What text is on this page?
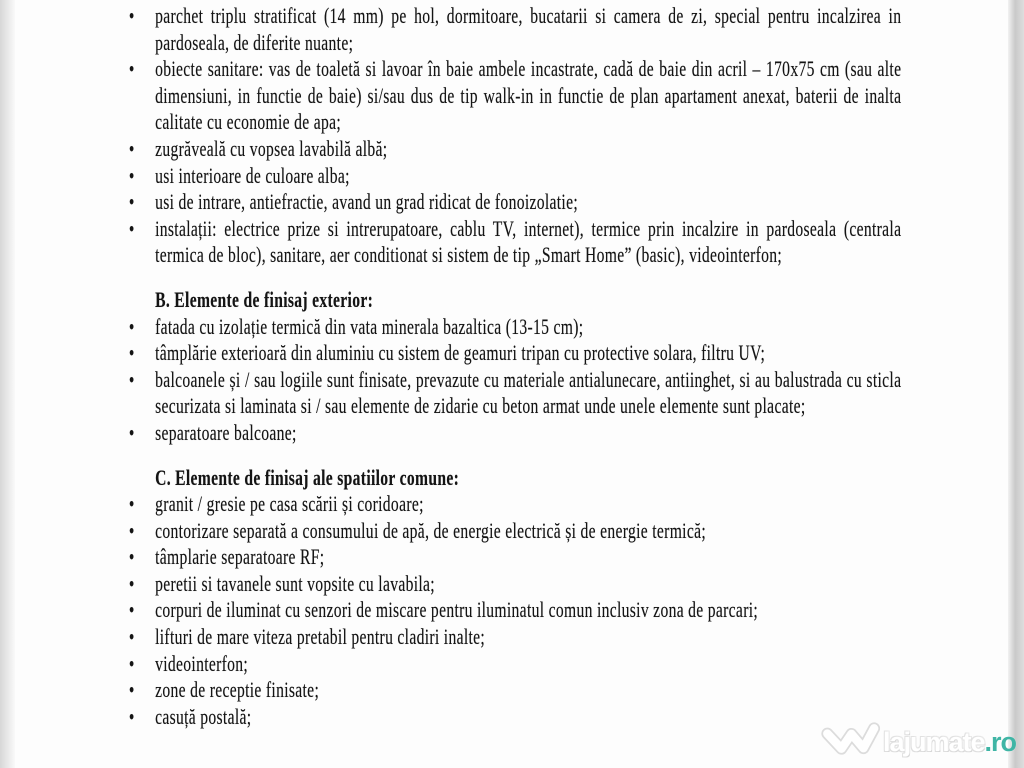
• parchet triplu stratificat (14 mm) pe hol, dormitoare, bucatarii si camera de zi, special pentru incalzirea in pardoseala, de diferite nuante;
• obiecte sanitare: vas de toaletă si lavoar în baie ambele incastrate, cadă de baie din acril – 170x75 cm (sau alte dimensiuni, in functie de baie) si/sau dus de tip walk-in in functie de plan apartament anexat, baterii de inalta calitate cu economie de apa;
• zugrăveală cu vopsea lavabilă albă;
• usi interioare de culoare alba;
• usi de intrare, antiefractie, avand un grad ridicat de fonoizolatie;
• instalații: electrice prize si intrerupatoare, cablu TV, internet), termice prin incalzire in pardoseala (centrala termica de bloc), sanitare, aer conditionat si sistem de tip „Smart Home” (basic), videointerfon;
B. Elemente de finisaj exterior:
• fatada cu izolație termică din vata minerala bazaltica (13-15 cm);
• tâmplărie exterioară din aluminiu cu sistem de geamuri tripan cu protective solara, filtru UV;
• balcoanele și / sau logiile sunt finisate, prevazute cu materiale antialunecare, antiinghet, si au balustrada cu sticla securizata si laminata si / sau elemente de zidarie cu beton armat unde unele elemente sunt placate;
• separatoare balcoane;
C. Elemente de finisaj ale spatiilor comune:
• granit / gresie pe casa scării și coridoare;
• contorizare separată a consumului de apă, de energie electrică și de energie termică;
• tâmplarie separatoare RF;
• peretii si tavanele sunt vopsite cu lavabila;
• corpuri de iluminat cu senzori de miscare pentru iluminatul comun inclusiv zona de parcari;
• lifturi de mare viteza pretabil pentru cladiri inalte;
• videointerfon;
• zone de receptie finisate;
• casuță postală;
lajumate .ro
